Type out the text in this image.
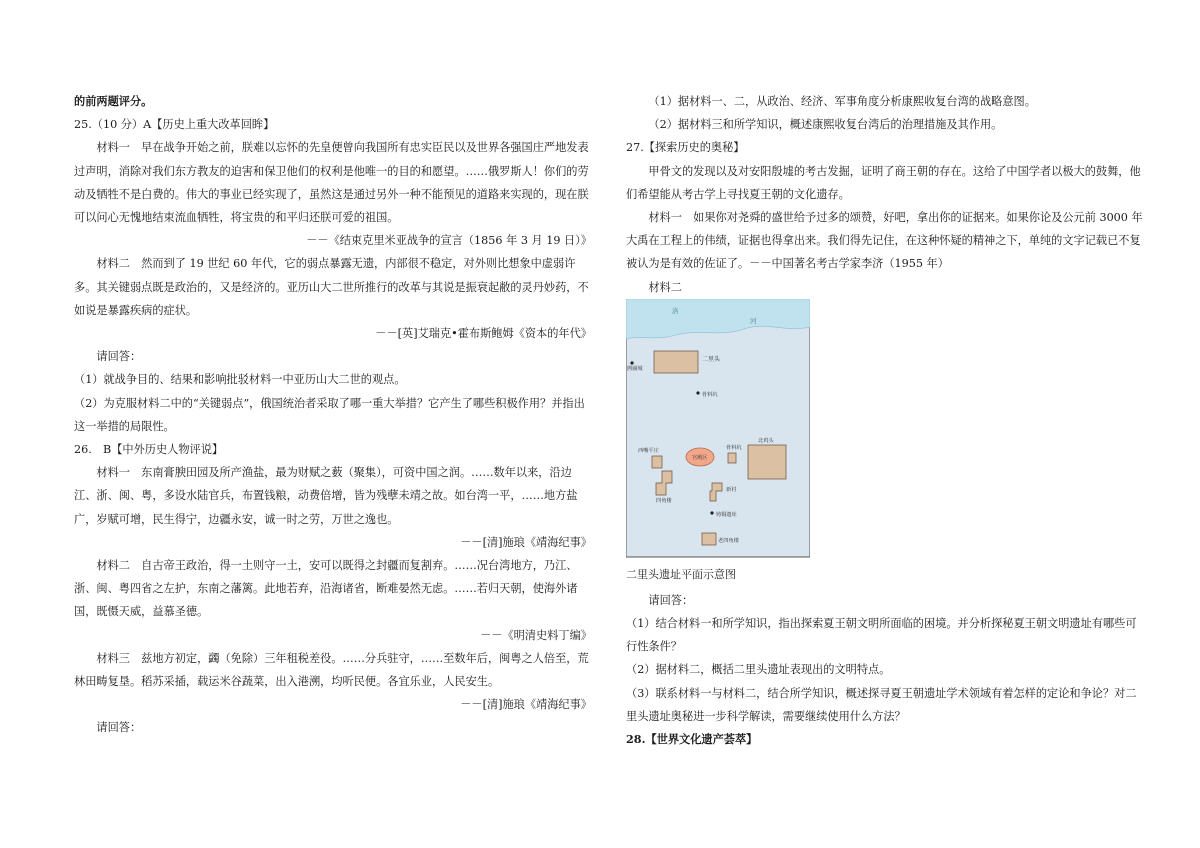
的前两题评分。

25.（10 分）A【历史上重大改革回眸】

材料一　早在战争开始之前，朕难以忘怀的先皇便曾向我国所有忠实臣民以及世界各强国庄严地发表过声明，消除对我们东方教友的迫害和保卫他们的权利是他唯一的目的和愿望。……俄罗斯人！你们的劳动及牺牲不是白费的。伟大的事业已经实现了，虽然这是通过另外一种不能预见的道路来实现的，现在朕可以问心无愧地结束流血牺牲，将宝贵的和平归还朕可爱的祖国。

－－《结束克里米亚战争的宣言（1856 年 3 月 19 日）》

材料二　然而到了 19 世纪 60 年代，它的弱点暴露无遗，内部很不稳定，对外则比想象中虚弱许多。其关键弱点既是政治的，又是经济的。亚历山大二世所推行的改革与其说是振衰起敝的灵丹妙药，不如说是暴露疾病的症状。

－－[英]艾瑞克•霍布斯鲍姆《资本的年代》

请回答：

（1）就战争目的、结果和影响批驳材料一中亚历山大二世的观点。

（2）为克服材料二中的“关键弱点”，俄国统治者采取了哪一重大举措？它产生了哪些积极作用？并指出这一举措的局限性。

26.　B【中外历史人物评说】

材料一　东南膏腴田园及所产渔盐，最为财赋之薮（聚集），可资中国之润。……数年以来，沿边江、浙、闽、粤，多设水陆官兵，布置钱粮，动费倍增，皆为残孽未靖之故。如台湾一平，……地方盐广，岁赋可增，民生得宁，边疆永安，诚一时之劳，万世之逸也。

－－[清]施琅《靖海纪事》

材料二　自古帝王政治，得一土则守一土，安可以既得之封疆而复割弃。……况台湾地方，乃江、浙、闽、粤四省之左护，东南之藩篱。此地若弃，沿海诸省，断难晏然无虑。……若归天朝，使海外诸国，既慑天威，益慕圣德。

－－《明清史料丁编》

材料三　兹地方初定，蠲（免除）三年租税差役。……分兵驻守，……至数年后，闽粤之人倍至，荒林田畴复垦。稻苏采插，载运米谷蔬菜，出入港溯，均听民便。各宜乐业，人民安生。

－－[清]施琅《靖海纪事》

请回答：

（1）据材料一、二，从政治、经济、军事角度分析康熙收复台湾的战略意图。

（2）据材料三和所学知识，概述康熙收复台湾后的治理措施及其作用。

27.【探索历史的奥秘】

甲骨文的发现以及对安阳殷墟的考古发掘，证明了商王朝的存在。这给了中国学者以极大的鼓舞，他们希望能从考古学上寻找夏王朝的文化遗存。

材料一　如果你对尧舜的盛世给予过多的颂赞，好吧，拿出你的证据来。如果你论及公元前 3000 年大禹在工程上的伟绩，证据也得拿出来。我们得先记住，在这种怀疑的精神之下，单纯的文字记载已不复被认为是有效的佐证了。－－中国著名考古学家李济（1955 年）

材料二

洛
河
二里头
圐圙城
骨料坑
西嘴平庄
宫殿区
骨料坑
北鸡头
四角楼
新村
铸铜遗址
老四角楼

二里头遗址平面示意图

请回答：

（1）结合材料一和所学知识，指出探索夏王朝文明所面临的困境。并分析探秘夏王朝文明遗址有哪些可行性条件？

（2）据材料二，概括二里头遗址表现出的文明特点。

（3）联系材料一与材料二，结合所学知识，概述探寻夏王朝遗址学术领域有着怎样的定论和争论？对二里头遗址奥秘进一步科学解读，需要继续使用什么方法？

28.【世界文化遗产荟萃】
